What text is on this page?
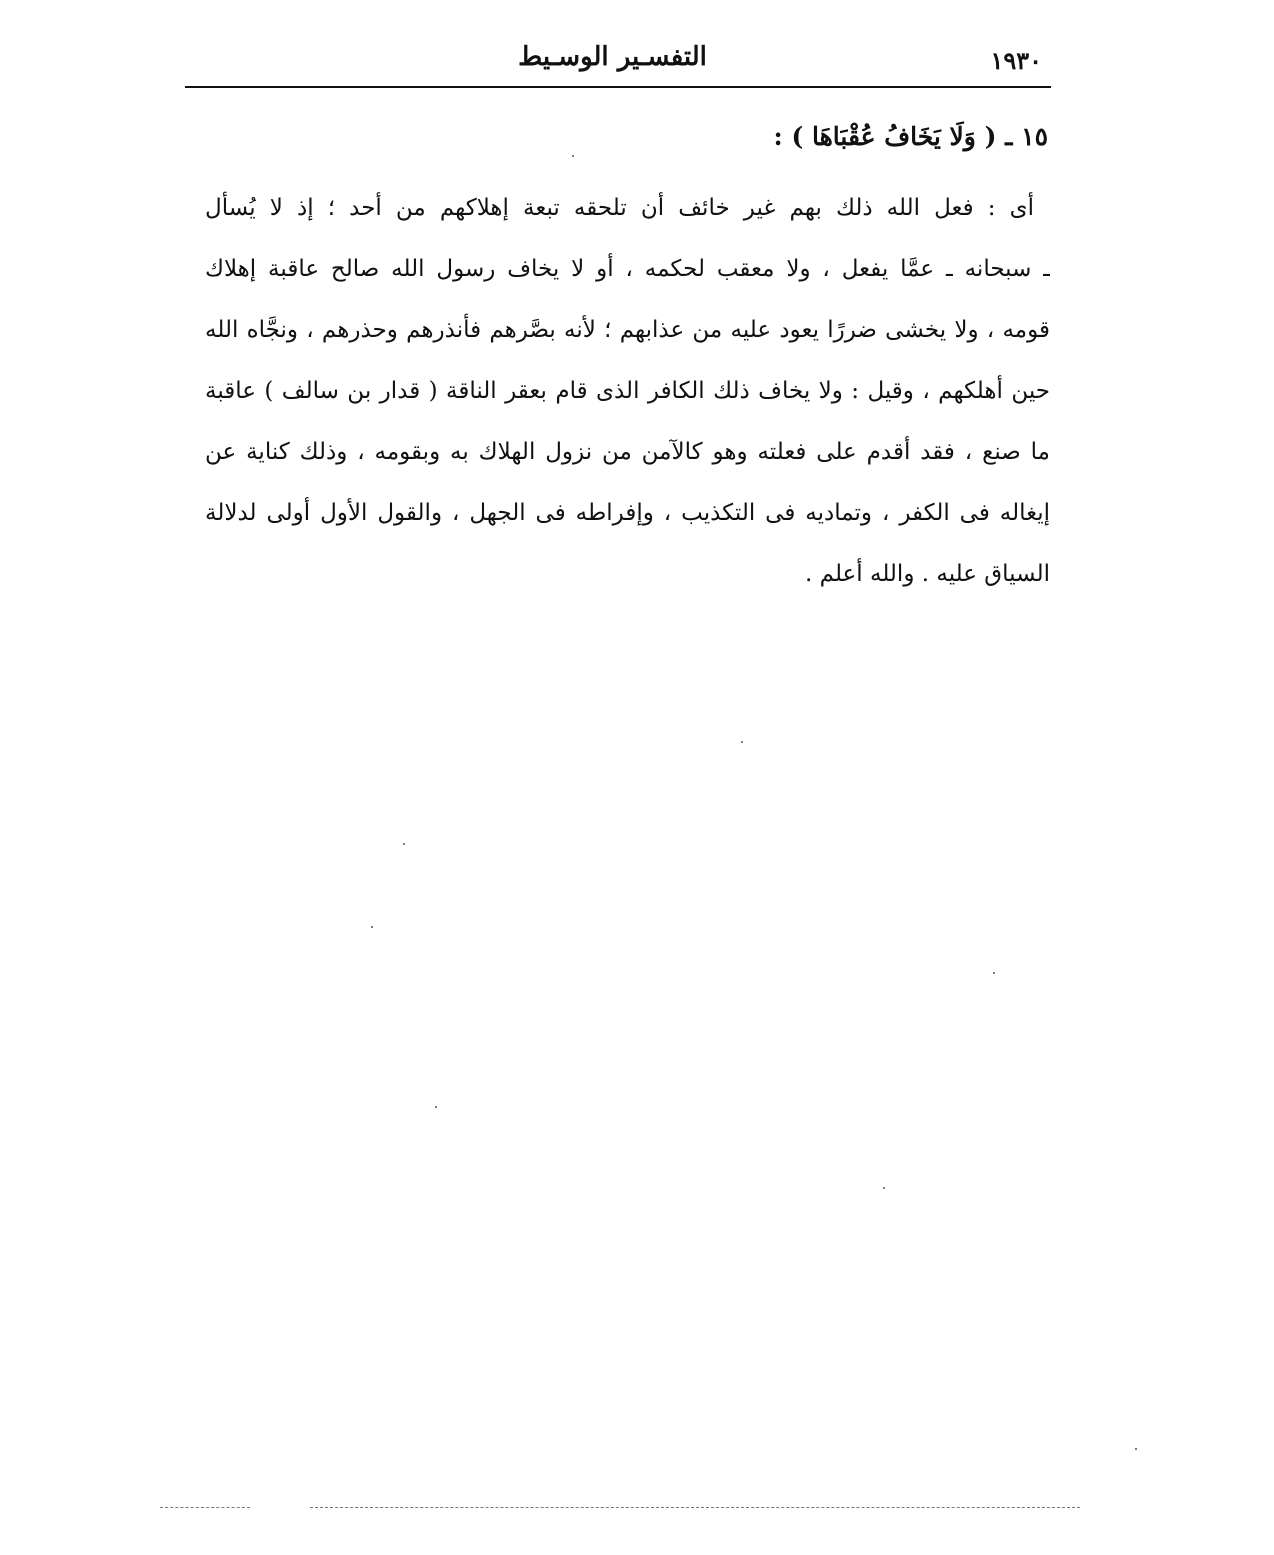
١٩٣٠
التفسـير الوسـيط
١٥ ـ ( وَلَا يَخَافُ عُقْبَاهَا ) :
أى : فعل الله ذلك بهم غير خائف أن تلحقه تبعة إهلاكهم من أحد ؛ إذ لا يُسأل
ـ سبحانه ـ عمَّا يفعل ، ولا معقب لحكمه ، أو لا يخاف رسول الله صالح عاقبة إهلاك
قومه ، ولا يخشى ضررًا يعود عليه من عذابهم ؛ لأنه بصَّرهم فأنذرهم وحذرهم ، ونجَّاه الله
حين أهلكهم ، وقيل : ولا يخاف ذلك الكافر الذى قام بعقر الناقة ( قدار بن سالف ) عاقبة
ما صنع ، فقد أقدم على فعلته وهو كالآمن من نزول الهلاك به وبقومه ، وذلك كناية عن
إيغاله فى الكفر ، وتماديه فى التكذيب ، وإفراطه فى الجهل ، والقول الأول أولى لدلالة
السياق عليه . والله أعلم .
